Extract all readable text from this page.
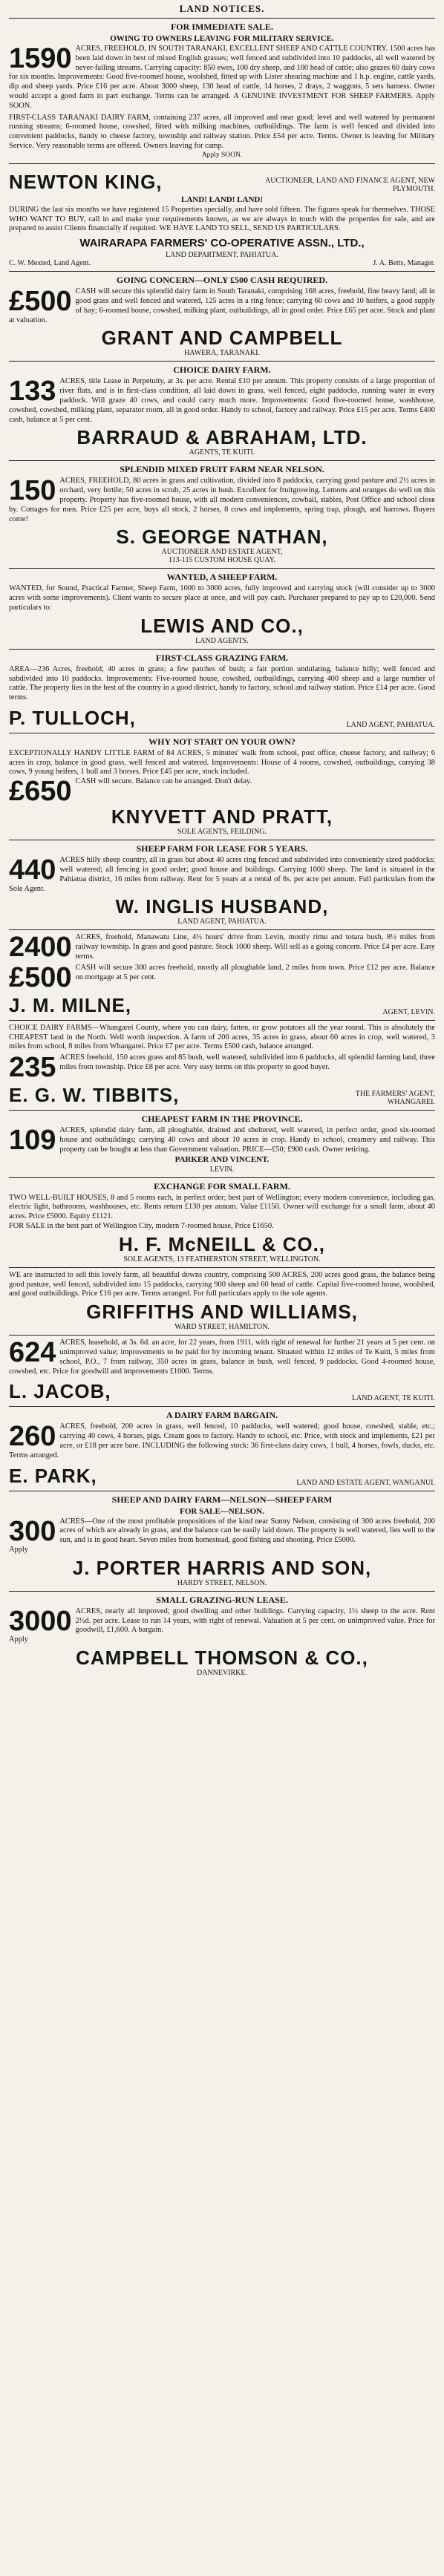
LAND NOTICES.
FOR IMMEDIATE SALE.
OWING TO OWNERS LEAVING FOR MILITARY SERVICE.
1590 ACRES, FREEHOLD, IN SOUTH TARANAKI, EXCELLENT SHEEP AND CATTLE COUNTRY. 1500 acres has been laid down in best of mixed English grasses; well fenced and subdivided into 10 paddocks, all well watered by never-failing streams. Carrying capacity: 850 ewes, 100 dry sheep, and 100 head of cattle; also grazes 60 dairy cows for six months. Improvements: Good five-roomed house, woolshed, fitted up with Lister shearing machine and 1 h.p. engine, cattle yards, dip and sheep yards. Price £16 per acre. About 3000 sheep, 130 head of cattle, 14 horses, 2 drays, 2 waggons, 5 sets harness. Owner would accept a good farm in part exchange. Terms can be arranged. A GENUINE INVESTMENT FOR SHEEP FARMERS. Apply SOON.
FIRST-CLASS TARANAKI DAIRY FARM, containing 237 acres, all improved and near good; level and well watered by permanent running streams; 6-roomed house, cowshed, fitted with milking machines, outbuildings. The farm is well fenced and divided into convenient paddocks, handy to cheese factory, township and railway station. Price £54 per acre. Terms. Owner is leaving for Military Service. Very reasonable terms are offered. Owners leaving for camp.
Apply SOON.
NEWTON KING,	AUCTIONEER, LAND AND FINANCE AGENT, NEW PLYMOUTH.
LAND! LAND! LAND!
DURING the last six months we have registered 15 Properties specially, and have sold fifteen. The figures speak for themselves. THOSE WHO WANT TO BUY, call in and make your requirements known, as we are always in touch with the properties for sale, and are prepared to assist Clients financially if required. WE HAVE LAND TO SELL, SEND US PARTICULARS.
WAIRARAPA FARMERS' CO-OPERATIVE ASSN., LTD.,
LAND DEPARTMENT, PAHIATUA.
C. W. Mexted, Land Agent.	J. A. Betts, Manager.
GOING CONCERN—ONLY £500 CASH REQUIRED.
£500 CASH will secure this splendid dairy farm in South Taranaki, comprising 168 acres, freehold, fine heavy land; all in good grass and well fenced and watered, 125 acres in a ring fence; carrying 60 cows and 10 heifers, a good supply of hay; 6-roomed house, cowshed, milking plant, outbuildings, all in good order. Price £65 per acre. Stock and plant at valuation.
GRANT AND CAMPBELL
HAWERA, TARANAKI.
CHOICE DAIRY FARM.
133 ACRES, title Lease in Perpetuity, at 3s. per acre. Rental £10 per annum. This property consists of a large proportion of river flats, and is in first-class condition, all laid down in grass, well fenced, eight paddocks, running water in every paddock. Will graze 40 cows, and could carry much more. Improvements: Good five-roomed house, washhouse, cowshed, cowshed, milking plant, separator room, all in good order. Handy to school, factory and railway. Price £15 per acre. Terms £400 cash, balance at 5 per cent.
BARRAUD & ABRAHAM, LTD.
AGENTS, TE KUITI.
SPLENDID MIXED FRUIT FARM NEAR NELSON.
150 ACRES, FREEHOLD, 80 acres in grass and cultivation, divided into 8 paddocks, carrying good pasture and 2½ acres in orchard, very fertile; 50 acres in scrub, 25 acres in bush. Excellent for fruitgrowing. Lemons and oranges do well on this property. Property has five-roomed house, with all modern conveniences, cowbail, stables, Post Office and school close by. Cottages for men. Price £25 per acre, buys all stock, 2 horses, 8 cows and implements, spring trap, plough, and harrows. Buyers come!
S. GEORGE NATHAN,
AUCTIONEER AND ESTATE AGENT,
113-115 CUSTOM HOUSE QUAY.
WANTED, A SHEEP FARM.
WANTED, for Sound, Practical Farmer, Sheep Farm, 1000 to 3000 acres, fully improved and carrying stock (will consider up to 3000 acres with some improvements). Client wants to secure place at once, and will pay cash. Purchaser prepared to pay up to £20,000. Send particulars to:
LEWIS AND CO.,
LAND AGENTS.
FIRST-CLASS GRAZING FARM.
AREA—236 Acres, freehold; 40 acres in grass; a few patches of bush; a fair portion undulating, balance hilly; well fenced and subdivided into 10 paddocks. Improvements: Five-roomed house, cowshed, outbuildings, carrying 400 sheep and a large number of cattle. The property lies in the best of the country in a good district, handy to factory, school and railway station. Price £14 per acre. Good terms.
P. TULLOCH,	LAND AGENT, PAHIATUA.
WHY NOT START ON YOUR OWN?
EXCEPTIONALLY HANDY LITTLE FARM of 84 ACRES, 5 minutes' walk from school, post office, cheese factory, and railway; 6 acres in crop, balance in good grass, well fenced and watered. Improvements: House of 4 rooms, cowshed, outbuildings, carrying 38 cows, 9 young heifers, 1 bull and 3 horses. Price £45 per acre, stock included.
£650 CASH will secure. Balance can be arranged. Don't delay.
KNYVETT AND PRATT,
SOLE AGENTS, FEILDING.
SHEEP FARM FOR LEASE FOR 5 YEARS.
440 ACRES hilly sheep country, all in grass but about 40 acres ring fenced and subdivided into conveniently sized paddocks; well watered; all fencing in good order; good house and buildings. Carrying 1000 sheep. The land is situated in the Pahiatua district, 16 miles from railway. Rent for 5 years at a rental of 8s. per acre per annum. Full particulars from the Sole Agent.
W. INGLIS HUSBAND,
LAND AGENT, PAHIATUA.
2400 ACRES, freehold, Manawatu Line, 4½ hours' drive from Levin, mostly rimu and totara bush, 8½ miles from railway township. In grass and good pasture. Stock 1000 sheep. Will sell as a going concern. Price £4 per acre. Easy terms.
£500 CASH will secure 300 acres freehold, mostly all ploughable land, 2 miles from town. Price £12 per acre. Balance on mortgage at 5 per cent.
J. M. MILNE,	AGENT, LEVIN.
CHOICE DAIRY FARMS—Whangarei County, where you can dairy, fatten, or grow potatoes all the year round. This is absolutely the CHEAPEST land in the North. Well worth inspection. A farm of 200 acres, 35 acres in grass, about 60 acres in crop, well watered, 3 miles from school, 8 miles from Whangarei. Price £7 per acre. Terms £500 cash, balance arranged.
235 ACRES freehold, 150 acres grass and 85 bush, well watered, subdivided into 6 paddocks, all splendid farming land, three miles from township. Price £8 per acre. Very easy terms on this property to good buyer.
E. G. W. TIBBITS,	THE FARMERS' AGENT, WHANGAREI.
CHEAPEST FARM IN THE PROVINCE.
109 ACRES, splendid dairy farm, all ploughable, drained and sheltered, well watered, in perfect order, good six-roomed house and outbuildings; carrying 40 cows and about 10 acres in crop. Handy to school, creamery and railway. This property can be bought at less than Government valuation. PRICE—£50; £900 cash. Owner retiring.
PARKER AND VINCENT.
LEVIN.
EXCHANGE FOR SMALL FARM.
TWO WELL-BUILT HOUSES, 8 and 5 rooms each, in perfect order; best part of Wellington; every modern convenience, including gas, electric light, bathrooms, washhouses, etc. Rents return £130 per annum. Value £1150. Owner will exchange for a small farm, about 40 acres. Price £5000. Equity £1121.
FOR SALE in the best part of Wellington City, modern 7-roomed house, Price £1650.
H. F. McNEILL & CO.,
SOLE AGENTS, 13 FEATHERSTON STREET, WELLINGTON.
WE are instructed to sell this lovely farm, all beautiful downs country, comprising 500 ACRES, 200 acres good grass, the balance being good pasture, well fenced, subdivided into 15 paddocks, carrying 900 sheep and 60 head of cattle. Capital five-roomed house, woolshed, and good outbuildings. Price £16 per acre. Terms arranged. For full particulars apply to the sole agents.
GRIFFITHS AND WILLIAMS,
WARD STREET, HAMILTON.
624 ACRES, leasehold, at 3s. 6d. an acre, for 22 years, from 1911, with right of renewal for further 21 years at 5 per cent. on unimproved value; improvements to be paid for by incoming tenant. Situated within 12 miles of Te Kuiti, 5 miles from school, P.O., 7 from railway, 350 acres in grass, balance in bush, well fenced, 9 paddocks. Good 4-roomed house, cowshed, etc. Price for goodwill and improvements £1000. Terms.
L. JACOB,	LAND AGENT, TE KUITI.
A DAIRY FARM BARGAIN.
260 ACRES, freehold, 200 acres in grass, well fenced, 10 paddocks, well watered; good house, cowshed, stable, etc.; carrying 40 cows, 4 horses, pigs. Cream goes to factory. Handy to school, etc. Price, with stock and implements, £21 per acre, or £18 per acre bare. INCLUDING the following stock: 36 first-class dairy cows, 1 bull, 4 horses, fowls, ducks, etc. Terms arranged.
E. PARK,	LAND AND ESTATE AGENT, WANGANUI.
SHEEP AND DAIRY FARM—NELSON—SHEEP FARM
FOR SALE—NELSON.
300 ACRES—One of the most profitable propositions of the kind near Sunny Nelson, consisting of 300 acres freehold, 200 acres of which are already in grass, and the balance can be easily laid down. The property is well watered, lies well to the sun, and is in good heart. Seven miles from homestead, good fishing and shooting. Price £5000.
Apply
J. PORTER HARRIS AND SON,
HARDY STREET, NELSON.
SMALL GRAZING-RUN LEASE.
3000 ACRES, nearly all improved; good dwelling and other buildings. Carrying capacity, 1½ sheep to the acre. Rent 2½d. per acre. Lease to run 14 years, with right of renewal. Valuation at 5 per cent. on unimproved value. Price for goodwill, £1,600. A bargain.
Apply
CAMPBELL THOMSON & CO.,
DANNEVIRKE.
